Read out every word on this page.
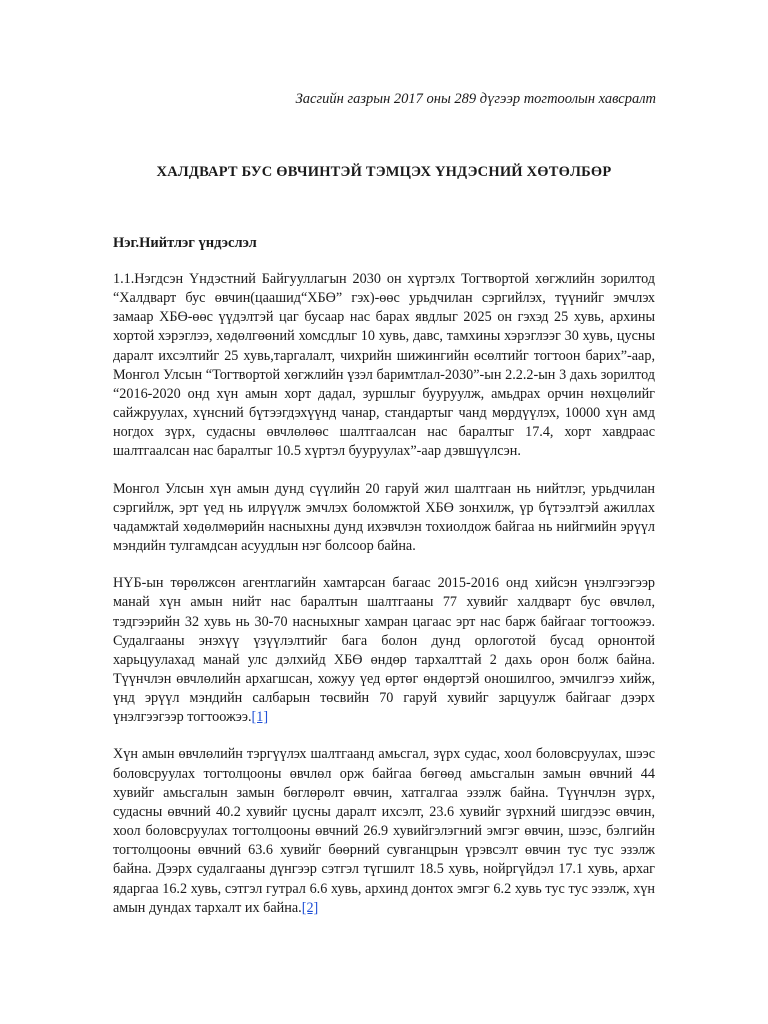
Засгийн газрын 2017 оны 289 дүгээр тогтоолын хавсралт
ХАЛДВАРТ БУС ӨВЧИНТЭЙ ТЭМЦЭХ ҮНДЭСНИЙ ХӨТӨЛБӨР
Нэг.Нийтлэг үндэслэл

1.1.Нэгдсэн Үндэстний Байгууллагын 2030 он хүртэлх Тогтвортой хөгжлийн зорилтод “Халдварт бус өвчин(цаашид“ХБӨ” гэх)-өөс урьдчилан сэргийлэх, түүнийг эмчлэх замаар ХБӨ-өөс үүдэлтэй цаг бусаар нас барах явдлыг 2025 он гэхэд 25 хувь, архины хортой хэрэглээ, хөдөлгөөний хомсдлыг 10 хувь, давс, тамхины хэрэглээг 30 хувь, цусны даралт ихсэлтийг 25 хувь,таргалалт, чихрийн шижингийн өсөлтийг тогтоон барих”-аар, Монгол Улсын “Тогтвортой хөгжлийн үзэл баримтлал-2030”-ын 2.2.2-ын 3 дахь зорилтод “2016-2020 онд хүн амын хорт дадал, зуршлыг бууруулж, амьдрах орчин нөхцөлийг сайжруулах, хүнсний бүтээгдэхүүнд чанар, стандартыг чанд мөрдүүлэх, 10000 хүн амд ногдох зүрх, судасны өвчлөлөөс шалтгаалсан нас баралтыг 17.4, хорт хавдраас шалтгаалсан нас баралтыг 10.5 хүртэл бууруулах”-аар дэвшүүлсэн.

Монгол Улсын хүн амын дунд сүүлийн 20 гаруй жил шалтгаан нь нийтлэг, урьдчилан сэргийлж, эрт үед нь илрүүлж эмчлэх боломжтой ХБӨ зонхилж, үр бүтээлтэй ажиллах чадамжтай хөдөлмөрийн насныхны дунд ихэвчлэн тохиолдож байгаа нь нийгмийн эрүүл мэндийн тулгамдсан асуудлын нэг болсоор байна.

НҮБ-ын төрөлжсөн агентлагийн хамтарсан багаас 2015-2016 онд хийсэн үнэлгээгээр манай хүн амын нийт нас баралтын шалтгааны 77 хувийг халдварт бус өвчлөл, тэдгээрийн 32 хувь нь 30-70 насныхныг хамран цагаас эрт нас барж байгааг тогтоожээ. Судалгааны энэхүү үзүүлэлтийг бага болон дунд орлоготой бусад орнонтой харьцуулахад манай улс дэлхийд ХБӨ өндөр тархалттай 2 дахь орон болж байна. Түүнчлэн өвчлөлийн архагшсан, хожуу үед өртөг өндөртэй оношилгоо, эмчилгээ хийж, үнд эрүүл мэндийн салбарын төсвийн 70 гаруй хувийг зарцуулж байгааг дээрх үнэлгээгээр тогтоожээ.[1]

Хүн амын өвчлөлийн тэргүүлэх шалтгаанд амьсгал, зүрх судас, хоол боловсруулах, шээс боловсруулах тогтолцооны өвчлөл орж байгаа бөгөөд амьсгалын замын өвчний 44 хувийг амьсгалын замын бөглөрөлт өвчин, хатгалгаа эзэлж байна. Түүнчлэн зүрх, судасны өвчний 40.2 хувийг цусны даралт ихсэлт, 23.6 хувийг зүрхний шигдээс өвчин, хоол боловсруулах тогтолцооны өвчний 26.9 хувийгэлэгний эмгэг өвчин, шээс, бэлгийн тогтолцооны өвчний 63.6 хувийг бөөрний сувганцрын үрэвсэлт өвчин тус тус эзэлж байна. Дээрх судалгааны дүнгээр сэтгэл түгшилт 18.5 хувь, нойргүйдэл 17.1 хувь, архаг ядаргаа 16.2 хувь, сэтгэл гутрал 6.6 хувь, архинд донтох эмгэг 6.2 хувь тус тус эзэлж, хүн амын дундах тархалт их байна.[2]
